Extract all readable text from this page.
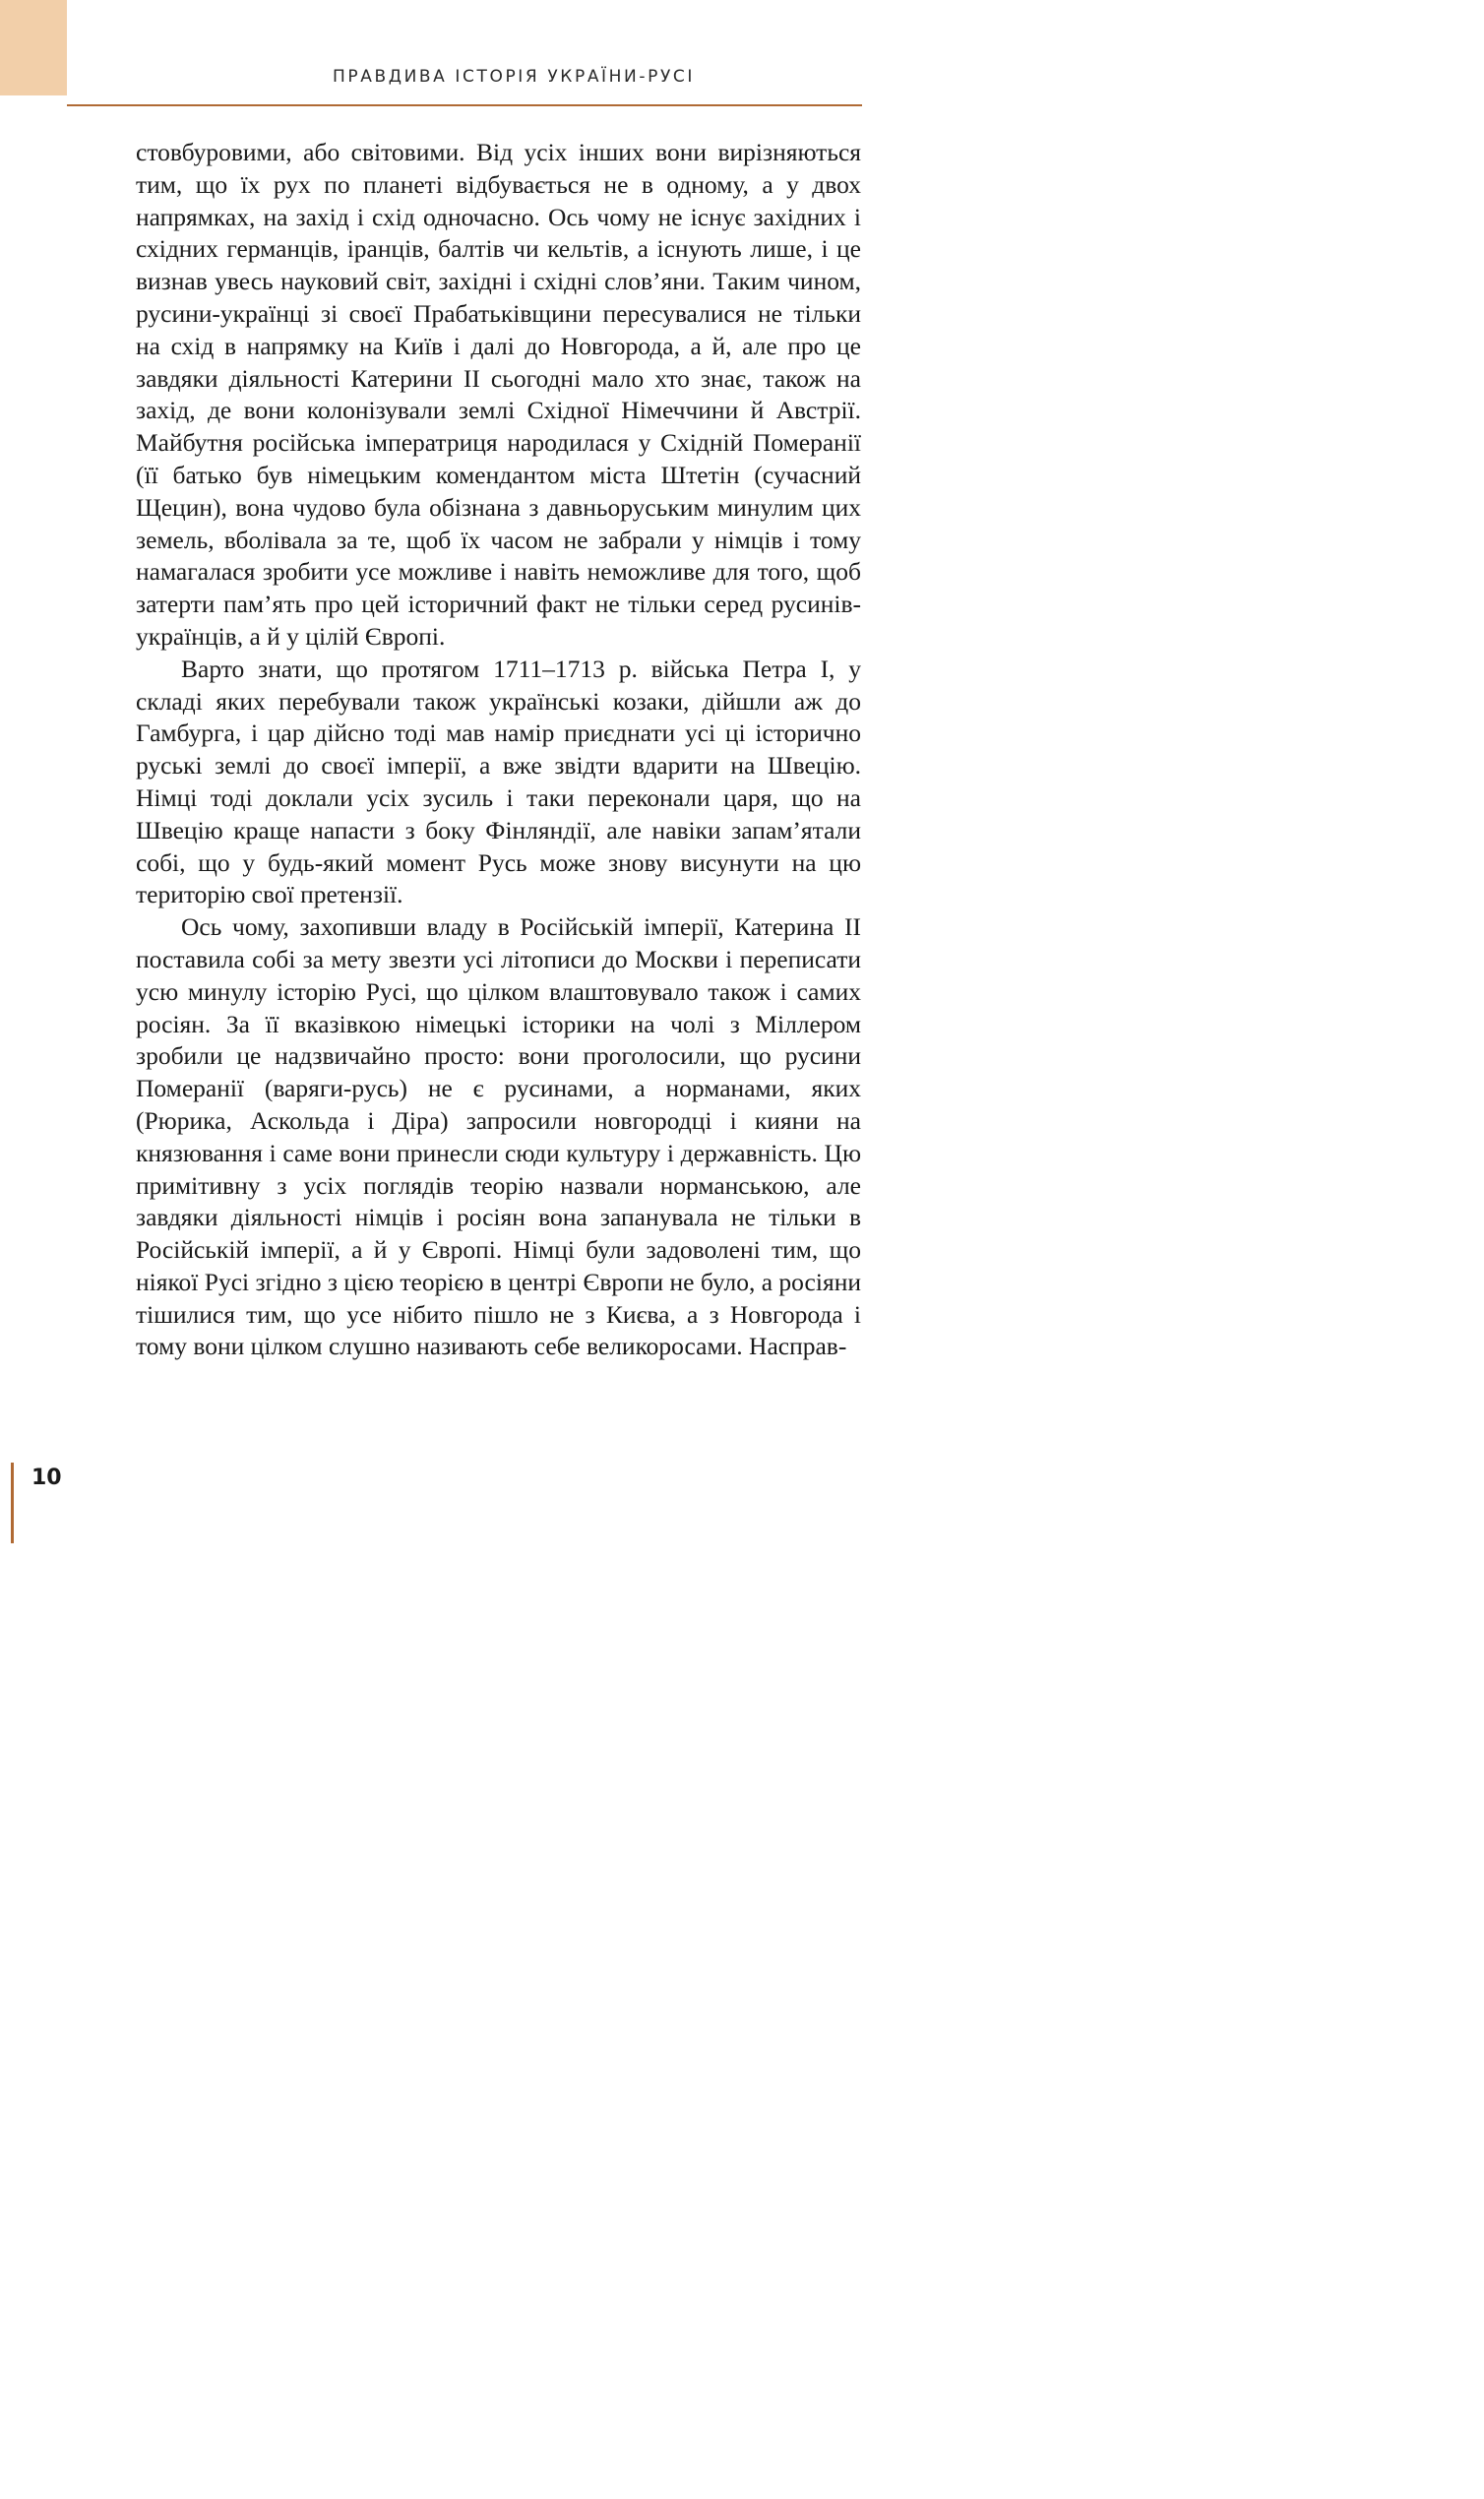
ПРАВДИВА ІСТОРІЯ УКРАЇНИ-РУСІ

стовбуровими, або світовими. Від усіх інших вони вирізняються тим, що їх рух по планеті відбувається не в одному, а у двох напрямках, на захід і схід одночасно. Ось чому не існує західних і східних германців, іранців, балтів чи кельтів, а існують лише, і це визнав увесь науковий світ, західні і східні слов’яни. Таким чином, русини-українці зі своєї Прабатьківщини пересувалися не тільки на схід в напрямку на Київ і далі до Новгорода, а й, але про це завдяки діяльності Катерини ІІ сьогодні мало хто знає, також на захід, де вони колонізували землі Східної Німеччини й Австрії. Майбутня російська імператриця народилася у Східній Померанії (її батько був німецьким комендантом міста Штетін (сучасний Щецин), вона чудово була обізнана з давньоруським минулим цих земель, вболівала за те, щоб їх часом не забрали у німців і тому намагалася зробити усе можливе і навіть неможливе для того, щоб затерти пам’ять про цей історичний факт не тільки серед русинів-українців, а й у цілій Європі.

Варто знати, що протягом 1711–1713 р. війська Петра І, у складі яких перебували також українські козаки, дійшли аж до Гамбурга, і цар дійсно тоді мав намір приєднати усі ці історично руські землі до своєї імперії, а вже звідти вдарити на Швецію. Німці тоді доклали усіх зусиль і таки переконали царя, що на Швецію краще напасти з боку Фінляндії, але навіки запам’ятали собі, що у будь-який момент Русь може знову висунути на цю територію свої претензії.

Ось чому, захопивши владу в Російській імперії, Катерина ІІ поставила собі за мету звезти усі літописи до Москви і переписати усю минулу історію Русі, що цілком влаштовувало також і самих росіян. За її вказівкою німецькі історики на чолі з Міллером зробили це надзвичайно просто: вони проголосили, що русини Померанії (варяги-русь) не є русинами, а норманами, яких (Рюрика, Аскольда і Діра) запросили новгородці і кияни на князювання і саме вони принесли сюди культуру і державність. Цю примітивну з усіх поглядів теорію назвали норманською, але завдяки діяльності німців і росіян вона запанувала не тільки в Російській імперії, а й у Європі. Німці були задоволені тим, що ніякої Русі згідно з цією теорією в центрі Європи не було, а росіяни тішилися тим, що усе нібито пішло не з Києва, а з Новгорода і тому вони цілком слушно називають себе великоросами. Насправ-

10
